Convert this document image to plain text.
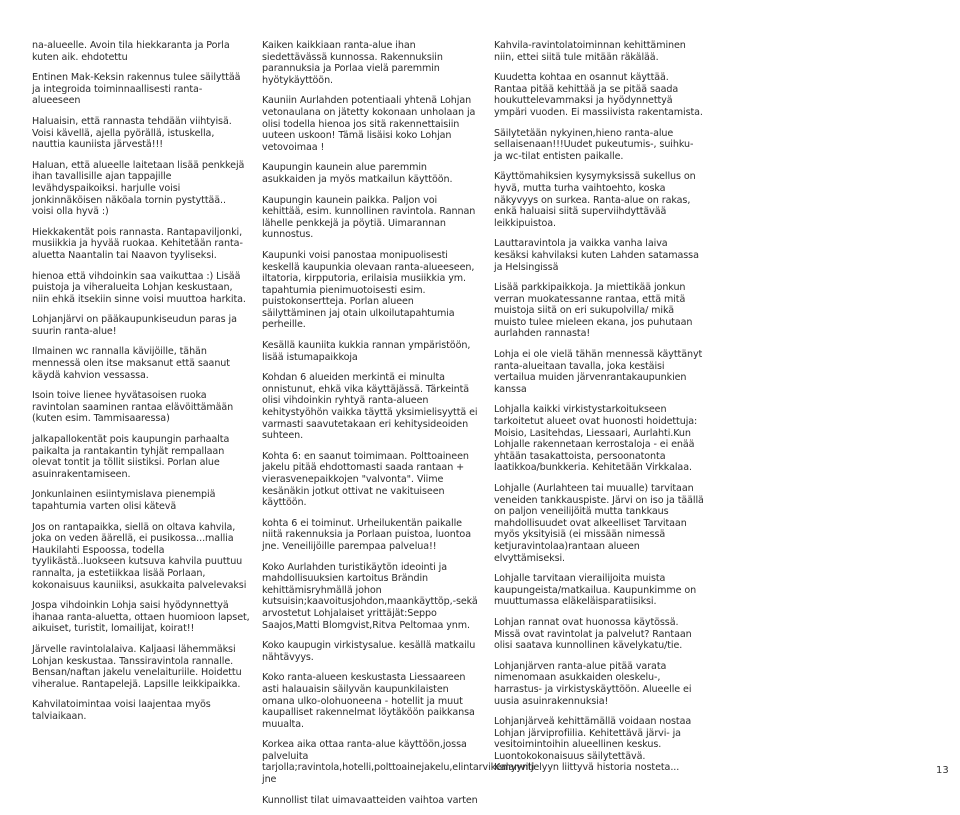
na-alueelle. Avoin tila hiekkaranta ja Porla kuten aik. ehdotettu

Entinen Mak-Keksin rakennus tulee säilyttää ja integroida toiminnaallisesti ranta-alueeseen

Haluaisin, että rannasta tehdään viihtyisä. Voisi kävellä, ajella pyörällä, istuskella, nauttia kauniista järvestä!!!

Haluan, että alueelle laitetaan lisää penkkejä ihan tavallisille ajan tappajille levähdyspaikoiksi. harjulle voisi jonkinnäköisen näköala tornin pystyttää.. voisi olla hyvä :)

Hiekkakentät pois rannasta. Rantapaviljonki, musiikkia ja hyvää ruokaa. Kehitetään ranta-aluetta Naantalin tai Naavon tyyliseksi.

hienoa että vihdoinkin saa vaikuttaa :) Lisää puistoja ja viheralueita Lohjan keskustaan, niin ehkä itsekiin sinne voisi muuttoa harkita.

Lohjanjärvi on pääkaupunkiseudun paras ja suurin ranta-alue!

Ilmainen wc rannalla kävijöille, tähän mennessä olen itse maksanut että saanut käydä kahvion vessassa.

Isoin toive lienee hyvätasoisen ruoka ravintolan saaminen rantaa elävöittämään (kuten esim. Tammisaaressa)

jalkapallokentät pois kaupungin parhaalta paikalta ja rantakantin tyhjät rempallaan olevat tontit ja töllit siistiksi. Porlan alue asuinrakentamiseen.

Jonkunlainen esiintymislava pienempiä tapahtumia varten olisi kätevä

Jos on rantapaikka, siellä on oltava kahvila, joka on veden äärellä, ei pusikossa...mallia Haukilahti Espoossa, todella tyylikästä..luokseen kutsuva kahvila puuttuu rannalta, ja estetiikkaa lisää Porlaan, kokonaisuus kauniiksi, asukkaita palvelevaksi

Jospa vihdoinkin Lohja saisi hyödynnettyä ihanaa ranta-aluetta, ottaen huomioon lapset, aikuiset, turistit, lomailijat, koirat!!

Järvelle ravintolalaiva. Kaljaasi lähemmäksi Lohjan keskustaa. Tanssiravintola rannalle. Bensan/naftan jakelu venelaituriile. Hoidettu viheralue. Rantapelejä. Lapsille leikkipaikka.

Kahvilatoimintaa voisi laajentaa myös talviaikaan.

Kaiken kaikkiaan ranta-alue ihan siedettävässä kunnossa. Rakennuksiin parannuksia ja Porlaa vielä paremmin hyötykäyttöön.

Kauniin Aurlahden potentiaali yhtenä Lohjan vetonaulana on jätetty kokonaan unholaan ja olisi todella hienoa jos sitä rakennettaisiin uuteen uskoon! Tämä lisäisi koko Lohjan vetovoimaa !

Kaupungin kaunein alue paremmin asukkaiden ja myös matkailun käyttöön.

Kaupungin kaunein paikka. Paljon voi kehittää, esim. kunnollinen ravintola. Rannan lähelle penkkejä ja pöytiä. Uimarannan kunnostus.

Kaupunki voisi panostaa monipuolisesti keskellä kaupunkia olevaan ranta-alueeseen, iltatoria, kirpputoria, erilaisia musiikkia ym. tapahtumia pienimuotoisesti esim. puistokonsertteja. Porlan alueen säilyttäminen jaj otain ulkoilutapahtumia perheille.

Kesällä kauniita kukkia rannan ympäristöön, lisää istumapaikkoja

Kohdan 6 alueiden merkintä ei minulta onnistunut, ehkä vika käyttäjässä. Tärkeintä olisi vihdoinkin ryhtyä ranta-alueen kehitystyöhön vaikka täyttä yksimielisyyttä ei varmasti saavutetakaan eri kehitysideoiden suhteen.

Kohta 6: en saanut toimimaan. Polttoaineen jakelu pitää ehdottomasti saada rantaan + vierasvenepaikkojen "valvonta". Viime kesänäkin jotkut ottivat ne vakituiseen käyttöön.

kohta 6 ei toiminut. Urheilukentän paikalle niitä rakennuksia ja Porlaan puistoa, luontoa jne. Veneilijöille parempaa palvelua!!

Koko Aurlahden turistikäytön ideointi ja mahdollisuuksien kartoitus Brändin kehittämisryhmällä johon kutsuisin;kaavoitusjohdon,maankäyttöp,-sekä arvostetut Lohjalaiset yrittäjät:Seppo Saajos,Matti Blomgvist,Ritva Peltomaa ynm.

Koko kaupugin virkistysalue. kesällä matkailu nähtävyys.

Koko ranta-alueen keskustasta Liessaareen asti halauaisin säilyvän kaupunkilaisten omana ulko-olohuoneena - hotellit ja muut kaupalliset rakennelmat löytäköön paikkansa muualta.

Korkea aika ottaa ranta-alue käyttöön,jossa palveluita tarjolla;ravintola,hotelli,polttoainejakelu,elintarvikemyynti jne

Kunnollist tilat uimavaatteiden vaihtoa varten

Kahvila-ravintolatoiminnan kehittäminen niin, ettei siitä tule mitään räkälää.

Kuudetta kohtaa en osannut käyttää. Rantaa pitää kehittää ja se pitää saada houkuttelevammaksi ja hyödynnettyä ympäri vuoden. Ei massiivista rakentamista.

Säilytetään nykyinen,hieno ranta-alue sellaisenaan!!!Uudet pukeutumis-, suihku- ja wc-tilat entisten paikalle.

Käyttömahiksien kysymyksissä sukellus on hyvä, mutta turha vaihtoehto, koska näkyvyys on surkea. Ranta-alue on rakas, enkä haluaisi siitä superviihdyttävää leikkipuistoa.

Lauttaravintola ja vaikka vanha laiva kesäksi kahvilaksi kuten Lahden satamassa ja Helsingissä

Lisää parkkipaikkoja. Ja miettikää jonkun verran muokatessanne rantaa, että mitä muistoja siitä on eri sukupolvilla/ mikä muisto tulee mieleen ekana, jos puhutaan aurlahden rannasta!

Lohja ei ole vielä tähän mennessä käyttänyt ranta-alueitaan tavalla, joka kestäisi vertailua muiden järvenrantakaupunkien kanssa

Lohjalla kaikki virkistystarkoitukseen tarkoitetut alueet ovat huonosti hoidettuja: Moisio, Lasitehdas, Liessaari, Aurlahti.Kun Lohjalle rakennetaan kerrostaloja - ei enää yhtään tasakattoista, persoonatonta laatikkoa/bunkkeria. Kehitetään Virkkalaa.

Lohjalle (Aurlahteen tai muualle) tarvitaan veneiden tankkauspiste. Järvi on iso ja täällä on paljon veneilijöitä mutta tankkaus mahdollisuudet ovat alkeelliset Tarvitaan myös yksityisiä (ei missään nimessä ketjuravintolaa)rantaan alueen elvyttämiseksi.

Lohjalle tarvitaan vierailijoita muista kaupungeista/matkailua. Kaupunkimme on muuttumassa eläkeläisparatiisiksi.

Lohjan rannat ovat huonossa käytössä. Missä ovat ravintolat ja palvelut? Rantaan olisi saatava kunnollinen kävelykatu/tie.

Lohjanjärven ranta-alue pitää varata nimenomaan asukkaiden oleskelu-, harrastus- ja virkistyskäyttöön. Alueelle ei uusia asuinrakennuksia!

Lohjanjärveä kehittämällä voidaan nostaa Lohjan järviprofiilia. Kehitettävä järvi- ja vesitoimintoihin alueellinen keskus. Luontokokonaisuus säilytettävä. Kalanviljelyyn liittyvä historia nosteta...	13
